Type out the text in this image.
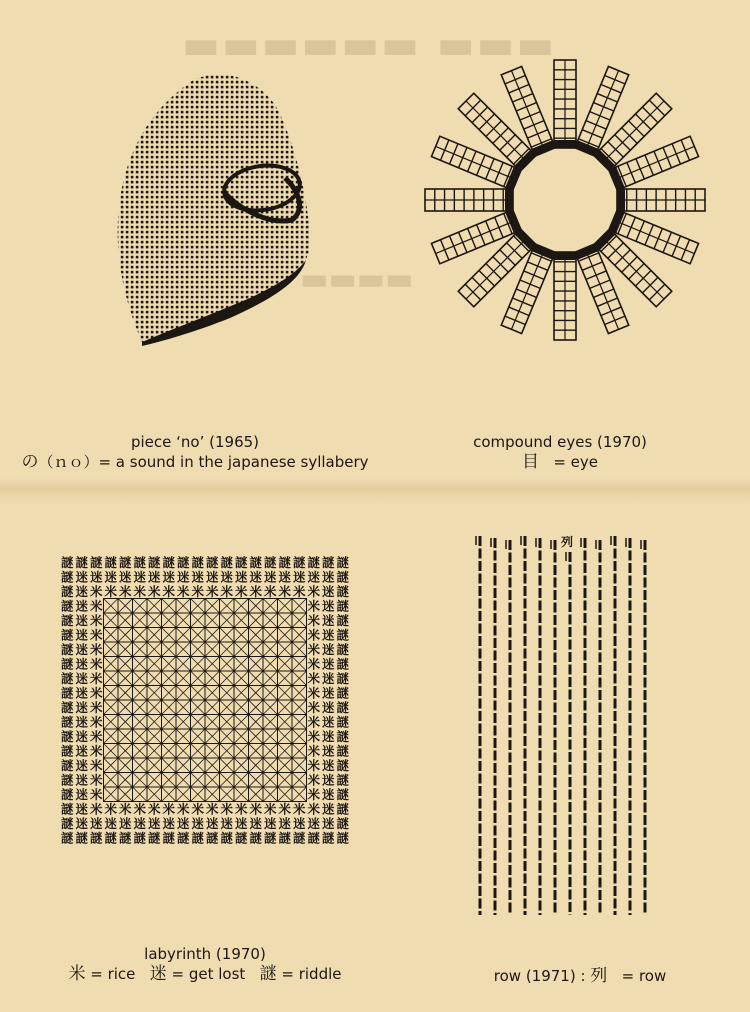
▬▬▬ ▬▬▬▬▬▬
▬▬▬▬
piece ‘no’ (1965)
の（ｎｏ）= a sound in the japanese syllabery
compound eyes (1970)
目 = eye
謎 謎 謎 謎 謎 謎 謎 謎 謎 謎 謎 謎 謎 謎 謎 謎 謎 謎 謎 謎
謎 迷 迷 迷 迷 迷 迷 迷 迷 迷 迷 迷 迷 迷 迷 迷 迷 迷 迷 謎
謎 迷 米 米 米 米 米 米 米 米 米 米 米 米 米 米 米 米 迷 謎
謎 迷 米	米 迷 謎
謎 迷 米	米 迷 謎
謎 迷 米	米 迷 謎
謎 迷 米	米 迷 謎
謎 迷 米	米 迷 謎
謎 迷 米	米 迷 謎
謎 迷 米	米 迷 謎
謎 迷 米	米 迷 謎
謎 迷 米	米 迷 謎
謎 迷 米	米 迷 謎
謎 迷 米	米 迷 謎
謎 迷 米	米 迷 謎
謎 迷 米	米 迷 謎
謎 迷 米	米 迷 謎
謎 迷 米 米 米 米 米 米 米 米 米 米 米 米 米 米 米 米 迷 謎
謎 迷 迷 迷 迷 迷 迷 迷 迷 迷 迷 迷 迷 迷 迷 迷 迷 迷 迷 謎
謎 謎 謎 謎 謎 謎 謎 謎 謎 謎 謎 謎 謎 謎 謎 謎 謎 謎 謎 謎
labyrinth (1970)
米 = rice 迷 = get lost 謎 = riddle
列
row (1971) : 列 = row
